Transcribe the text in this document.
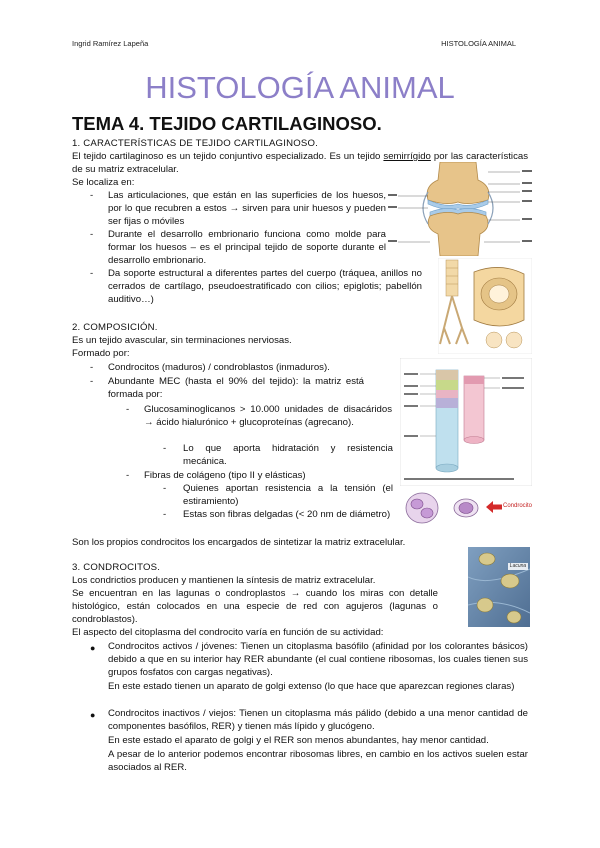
Ingrid Ramírez Lapeña	HISTOLOGÍA ANIMAL
HISTOLOGÍA ANIMAL
TEMA 4. TEJIDO CARTILAGINOSO.
1. CARACTERÍSTICAS DE TEJIDO CARTILAGINOSO.
El tejido cartilaginoso es un tejido conjuntivo especializado. Es un tejido semirrígido por las características de su matriz extracelular.
Se localiza en:
- Las articulaciones, que están en las superficies de los huesos, por lo que recubren a estos → sirven para unir huesos y pueden ser fijas o móviles
- Durante el desarrollo embrionario funciona como molde para formar los huesos – es el principal tejido de soporte durante el desarrollo embrionario.
- Da soporte estructural a diferentes partes del cuerpo (tráquea, anillos no cerrados de cartílago, pseudoestratificado con cilios; epiglotis; pabellón auditivo…)
2. COMPOSICIÓN.
Es un tejido avascular, sin terminaciones nerviosas.
Formado por:
- Condrocitos (maduros) / condroblastos (inmaduros).
- Abundante MEC (hasta el 90% del tejido): la matriz está formada por:
- Glucosaminoglicanos > 10.000 unidades de disacáridos → ácido hialurónico + glucoproteínas (agrecano).
- Lo que aporta hidratación y resistencia mecánica.
- Fibras de colágeno (tipo II y elásticas)
- Quienes aportan resistencia a la tensión (el estiramiento)
- Estas son fibras delgadas (< 20 nm de diámetro)
Son los propios condrocitos los encargados de sintetizar la matriz extracelular.
Condrocito
3. CONDROCITOS.
Los condrictios producen y mantienen la síntesis de matriz extracelular.
Se encuentran en las lagunas o condroplastos → cuando los miras con detalle histológico, están colocados en una especie de red con agujeros (lagunas o condroblastos).
El aspecto del citoplasma del condrocito varía en función de su actividad:
Lacuna
● Condrocitos activos / jóvenes: Tienen un citoplasma basófilo (afinidad por los colorantes básicos) debido a que en su interior hay RER abundante (el cual contiene ribosomas, los cuales tienen sus grupos fosfatos con cargas negativas).
En este estado tienen un aparato de golgi extenso (lo que hace que aparezcan regiones claras)
● Condrocitos inactivos / viejos: Tienen un citoplasma más pálido (debido a una menor cantidad de componentes basófilos, RER) y tienen más lípido y glucógeno.
En este estado el aparato de golgi y el RER son menos abundantes, hay menor cantidad.
A pesar de lo anterior podemos encontrar ribosomas libres, en cambio en los activos suelen estar asociados al RER.
